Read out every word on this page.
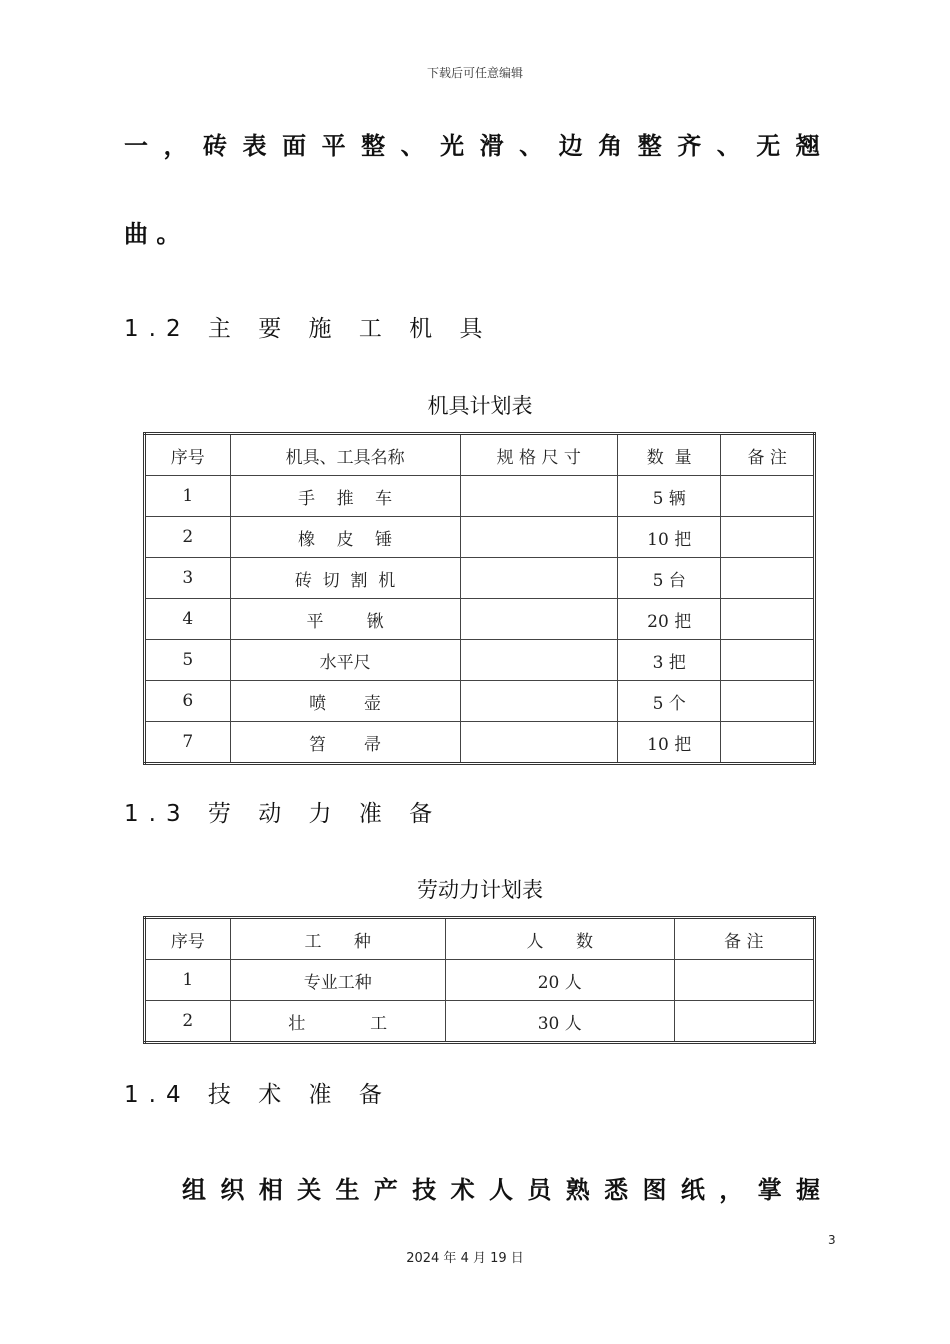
下载后可任意编辑
一 ， 砖 表 面 平 整 、 光 滑 、 边 角 整 齐 、 无 翘
曲 。
1.2 主 要 施 工 机 具
机具计划表
序号	机具、工具名称	规 格 尺 寸	数  量	备 注
1	手    推    车		5 辆	
2	橡    皮    锤		10 把	
3	砖  切  割  机		5 台	
4	平        锹		20 把	
5	水平尺		3 把	
6	喷       壶		5 个	
7	笤       帚		10 把	
1.3 劳 动 力 准 备
劳动力计划表
序号	工      种	人      数	备 注
1	专业工种	20 人	
2	壮            工	30 人	
1.4 技 术 准 备
组 织 相 关 生 产 技 术 人 员 熟 悉 图 纸 ， 掌 握
3
2024 年 4 月 19 日
